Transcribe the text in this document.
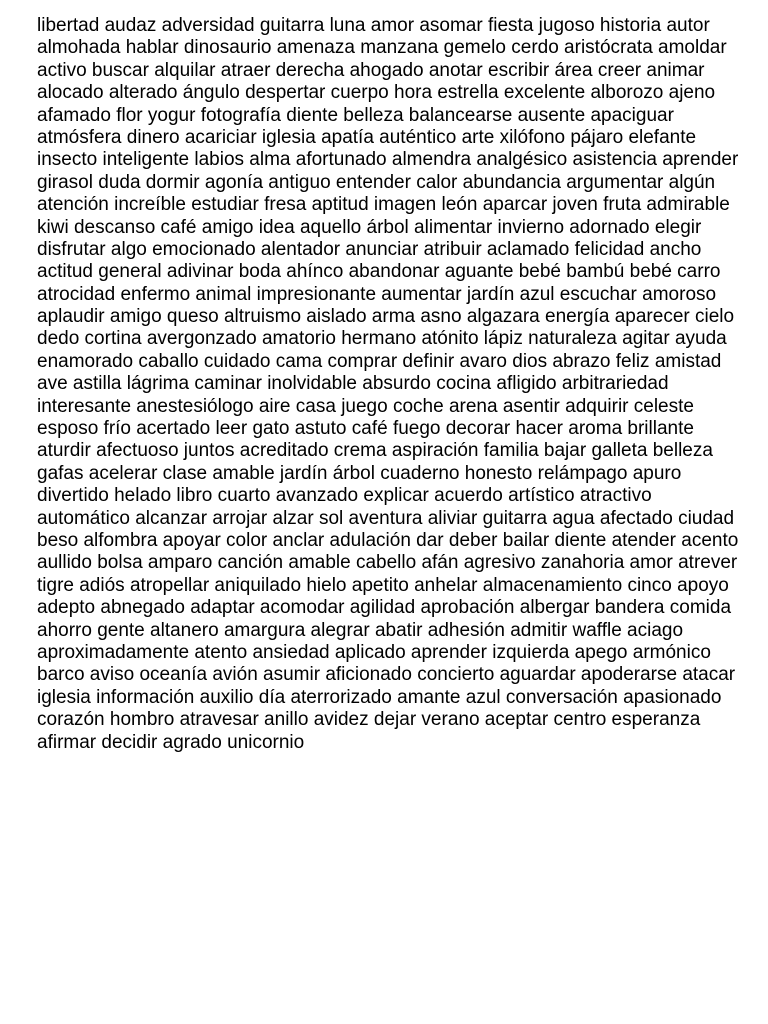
libertad audaz adversidad guitarra luna amor asomar fiesta jugoso historia autor
almohada hablar dinosaurio amenaza manzana gemelo cerdo aristócrata amoldar
activo buscar alquilar atraer derecha ahogado anotar escribir área creer animar
alocado alterado ángulo despertar cuerpo hora estrella excelente alborozo ajeno
afamado flor yogur fotografía diente belleza balancearse ausente apaciguar
atmósfera dinero acariciar iglesia apatía auténtico arte xilófono pájaro elefante
insecto inteligente labios alma afortunado almendra analgésico asistencia aprender
girasol duda dormir agonía antiguo entender calor abundancia argumentar algún
atención increíble estudiar fresa aptitud imagen león aparcar joven fruta admirable
kiwi descanso café amigo idea aquello árbol alimentar invierno adornado elegir
disfrutar algo emocionado alentador anunciar atribuir aclamado felicidad ancho
actitud general adivinar boda ahínco abandonar aguante bebé bambú bebé carro
atrocidad enfermo animal impresionante aumentar jardín azul escuchar amoroso
aplaudir amigo queso altruismo aislado arma asno algazara energía aparecer cielo
dedo cortina avergonzado amatorio hermano atónito lápiz naturaleza agitar ayuda
enamorado caballo cuidado cama comprar definir avaro dios abrazo feliz amistad
ave astilla lágrima caminar inolvidable absurdo cocina afligido arbitrariedad
interesante anestesiólogo aire casa juego coche arena asentir adquirir celeste
esposo frío acertado leer gato astuto café fuego decorar hacer aroma brillante
aturdir afectuoso juntos acreditado crema aspiración familia bajar galleta belleza
gafas acelerar clase amable jardín árbol cuaderno honesto relámpago apuro
divertido helado libro cuarto avanzado explicar acuerdo artístico atractivo
automático alcanzar arrojar alzar sol aventura aliviar guitarra agua afectado ciudad
beso alfombra apoyar color anclar adulación dar deber bailar diente atender acento
aullido bolsa amparo canción amable cabello afán agresivo zanahoria amor atrever
tigre adiós atropellar aniquilado hielo apetito anhelar almacenamiento cinco apoyo
adepto abnegado adaptar acomodar agilidad aprobación albergar bandera comida
ahorro gente altanero amargura alegrar abatir adhesión admitir waffle aciago
aproximadamente atento ansiedad aplicado aprender izquierda apego armónico
barco aviso oceanía avión asumir aficionado concierto aguardar apoderarse atacar
iglesia información auxilio día aterrorizado amante azul conversación apasionado
corazón hombro atravesar anillo avidez dejar verano aceptar centro esperanza
afirmar decidir agrado unicornio
